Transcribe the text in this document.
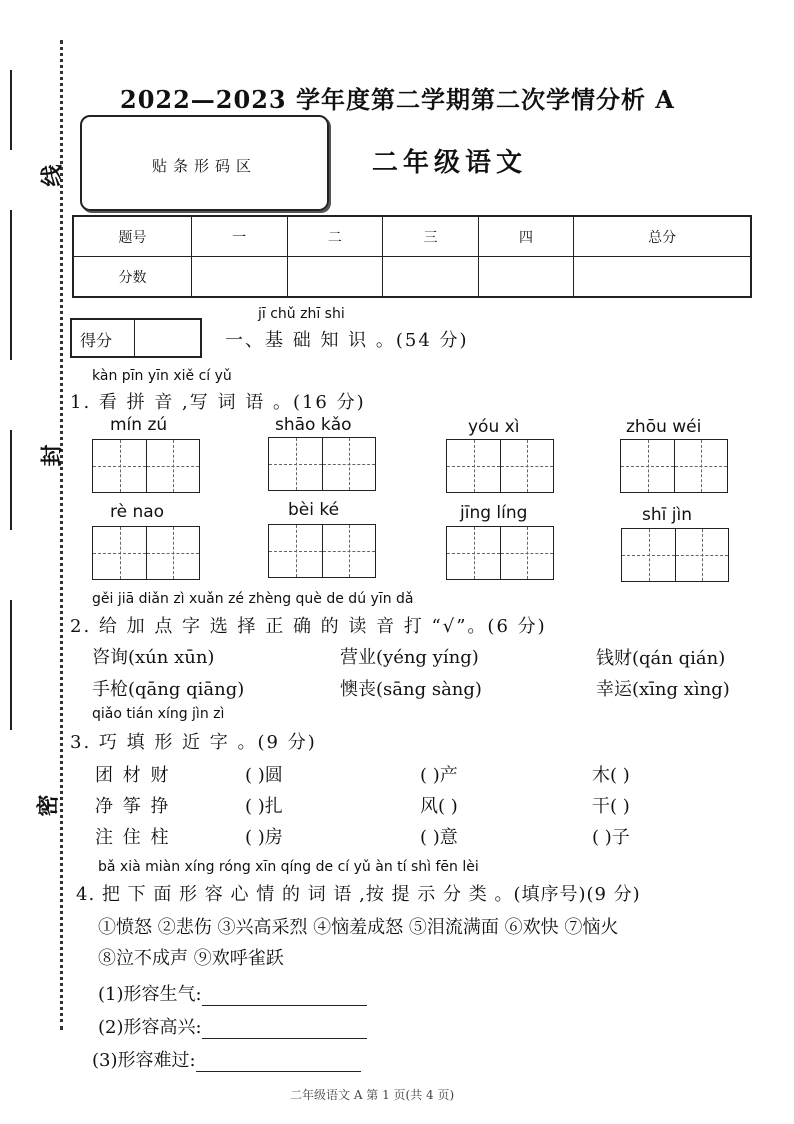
线
封
密
2022—2023 学年度第二学期第二次学情分析 A
贴条形码区	二年级语文
题号	一	二	三	四	总分
分数					
得分
jī chǔ zhī shi
一、基 础 知 识 。(54 分)
kàn pīn yīn xiě cí yǔ
1. 看 拼 音 ,写 词 语 。(16 分)
mín zú	shāo kǎo	yóu xì	zhōu wéi
rè nao	bèi ké	jīng líng	shī jìn
gěi jiā diǎn zì xuǎn zé zhèng què de dú yīn dǎ
2. 给 加 点 字 选 择 正 确 的 读 音 打 “√”。(6 分)
咨询(xún xūn)	营业(yéng yíng)	钱财(qán qián)
手枪(qāng qiāng)	懊丧(sāng sàng)	幸运(xīng xìng)
qiǎo tián xíng jìn zì
3. 巧 填 形 近 字 。(9 分)
团 材 财	( )圆	( )产	木( )
净 筝 挣	( )扎	风( )	干( )
注 住 柱	( )房	( )意	( )子
bǎ xià miàn xíng róng xīn qíng de cí yǔ àn tí shì fēn lèi
4. 把 下 面 形 容 心 情 的 词 语 ,按 提 示 分 类 。(填序号)(9 分)
①愤怒 ②悲伤 ③兴高采烈 ④恼羞成怒 ⑤泪流满面 ⑥欢快 ⑦恼火
⑧泣不成声 ⑨欢呼雀跃
(1)形容生气:
(2)形容高兴:
(3)形容难过:
二年级语文 A 第 1 页(共 4 页)
